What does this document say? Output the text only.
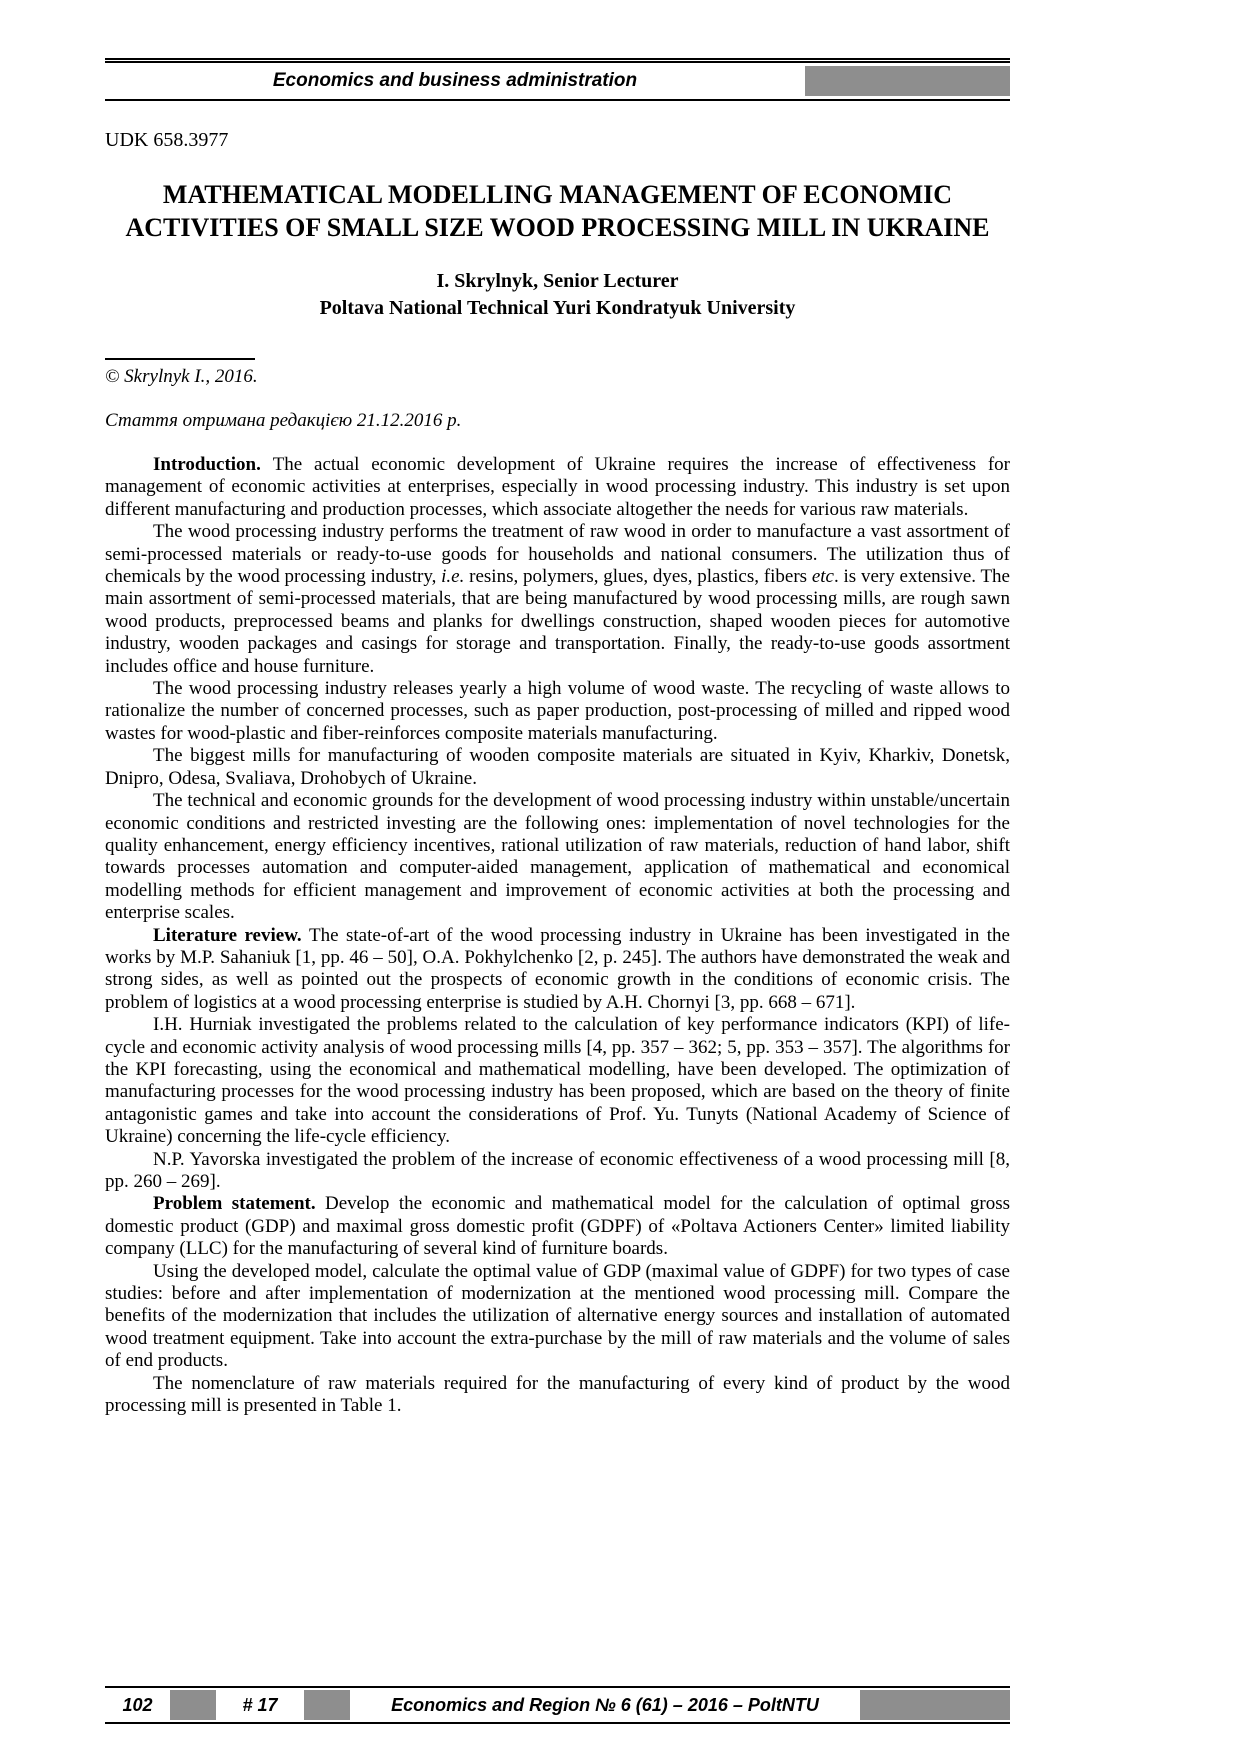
Economics and business administration
UDK 658.3977
MATHEMATICAL MODELLING MANAGEMENT OF ECONOMIC ACTIVITIES OF SMALL SIZE WOOD PROCESSING MILL IN UKRAINE
I. Skrylnyk, Senior Lecturer
Poltava National Technical Yuri Kondratyuk University
© Skrylnyk I., 2016.
Стаття отримана редакцією 21.12.2016 р.

Introduction. The actual economic development of Ukraine requires the increase of effectiveness for management of economic activities at enterprises, especially in wood processing industry. This industry is set upon different manufacturing and production processes, which associate altogether the needs for various raw materials.

The wood processing industry performs the treatment of raw wood in order to manufacture a vast assortment of semi-processed materials or ready-to-use goods for households and national consumers. The utilization thus of chemicals by the wood processing industry, i.e. resins, polymers, glues, dyes, plastics, fibers etc. is very extensive. The main assortment of semi-processed materials, that are being manufactured by wood processing mills, are rough sawn wood products, preprocessed beams and planks for dwellings construction, shaped wooden pieces for automotive industry, wooden packages and casings for storage and transportation. Finally, the ready-to-use goods assortment includes office and house furniture.

The wood processing industry releases yearly a high volume of wood waste. The recycling of waste allows to rationalize the number of concerned processes, such as paper production, post-processing of milled and ripped wood wastes for wood-plastic and fiber-reinforces composite materials manufacturing.

The biggest mills for manufacturing of wooden composite materials are situated in Kyiv, Kharkiv, Donetsk, Dnipro, Odesa, Svaliava, Drohobych of Ukraine.

The technical and economic grounds for the development of wood processing industry within unstable/uncertain economic conditions and restricted investing are the following ones: implementation of novel technologies for the quality enhancement, energy efficiency incentives, rational utilization of raw materials, reduction of hand labor, shift towards processes automation and computer-aided management, application of mathematical and economical modelling methods for efficient management and improvement of economic activities at both the processing and enterprise scales.

Literature review. The state-of-art of the wood processing industry in Ukraine has been investigated in the works by M.P. Sahaniuk [1, pp. 46 – 50], O.A. Pokhylchenko [2, p. 245]. The authors have demonstrated the weak and strong sides, as well as pointed out the prospects of economic growth in the conditions of economic crisis. The problem of logistics at a wood processing enterprise is studied by A.H. Chornyi [3, pp. 668 – 671].

I.H. Hurniak investigated the problems related to the calculation of key performance indicators (KPI) of life-cycle and economic activity analysis of wood processing mills [4, pp. 357 – 362; 5, pp. 353 – 357]. The algorithms for the KPI forecasting, using the economical and mathematical modelling, have been developed. The optimization of manufacturing processes for the wood processing industry has been proposed, which are based on the theory of finite antagonistic games and take into account the considerations of Prof. Yu. Tunyts (National Academy of Science of Ukraine) concerning the life-cycle efficiency.

N.P. Yavorska investigated the problem of the increase of economic effectiveness of a wood processing mill [8, pp. 260 – 269].

Problem statement. Develop the economic and mathematical model for the calculation of optimal gross domestic product (GDP) and maximal gross domestic profit (GDPF) of «Poltava Actioners Center» limited liability company (LLC) for the manufacturing of several kind of furniture boards.

Using the developed model, calculate the optimal value of GDP (maximal value of GDPF) for two types of case studies: before and after implementation of modernization at the mentioned wood processing mill. Compare the benefits of the modernization that includes the utilization of alternative energy sources and installation of automated wood treatment equipment. Take into account the extra-purchase by the mill of raw materials and the volume of sales of end products.

The nomenclature of raw materials required for the manufacturing of every kind of product by the wood processing mill is presented in Table 1.

102	# 17	Economics and Region № 6 (61) – 2016 – PoltNTU
